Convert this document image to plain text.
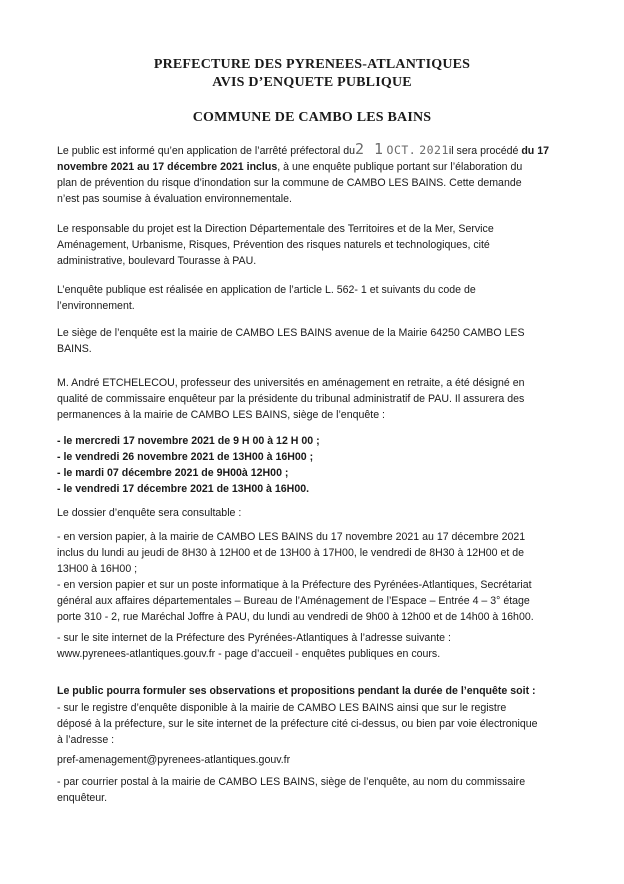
PREFECTURE DES PYRENEES-ATLANTIQUES
AVIS D’ENQUETE PUBLIQUE
COMMUNE DE CAMBO LES BAINS
Le public est informé qu’en application de l’arrêté préfectoral du2 1 OCT. 2021il sera procédé du 17
novembre 2021 au 17 décembre 2021 inclus, à une enquête publique portant sur l’élaboration du
plan de prévention du risque d’inondation sur la commune de CAMBO LES BAINS. Cette demande
n’est pas soumise à évaluation environnementale.
Le responsable du projet est la Direction Départementale des Territoires et de la Mer, Service
Aménagement, Urbanisme, Risques, Prévention des risques naturels et technologiques, cité
administrative, boulevard Tourasse à PAU.
L’enquête publique est réalisée en application de l’article L. 562- 1 et suivants du code de
l’environnement.
Le siège de l’enquête est la mairie de CAMBO LES BAINS avenue de la Mairie 64250 CAMBO LES
BAINS.
M. André ETCHELECOU, professeur des universités en aménagement en retraite, a été désigné en
qualité de commissaire enquêteur par la présidente du tribunal administratif de PAU. Il assurera des
permanences à la mairie de CAMBO LES BAINS, siège de l’enquête :
- le mercredi 17 novembre 2021 de 9 H 00 à 12 H 00 ;
- le vendredi 26 novembre 2021 de 13H00 à 16H00 ;
- le mardi 07 décembre 2021 de 9H00à 12H00 ;
- le vendredi 17 décembre 2021 de 13H00 à 16H00.
Le dossier d’enquête sera consultable :
- en version papier, à la mairie de CAMBO LES BAINS du 17 novembre 2021 au 17 décembre 2021
inclus du lundi au jeudi de 8H30 à 12H00 et de 13H00 à 17H00, le vendredi de 8H30 à 12H00 et de
13H00 à 16H00 ;
- en version papier et sur un poste informatique à la Préfecture des Pyrénées-Atlantiques, Secrétariat
général aux affaires départementales – Bureau de l’Aménagement de l’Espace – Entrée 4 – 3° étage
porte 310 - 2, rue Maréchal Joffre à PAU, du lundi au vendredi de 9h00 à 12h00 et de 14h00 à 16h00.
- sur le site internet de la Préfecture des Pyrénées-Atlantiques à l’adresse suivante :
www.pyrenees-atlantiques.gouv.fr - page d’accueil - enquêtes publiques en cours.
Le public pourra formuler ses observations et propositions pendant la durée de l’enquête soit :
- sur le registre d’enquête disponible à la mairie de CAMBO LES BAINS ainsi que sur le registre
déposé à la préfecture, sur le site internet de la préfecture cité ci-dessus, ou bien par voie électronique
à l’adresse :
pref-amenagement@pyrenees-atlantiques.gouv.fr
- par courrier postal à la mairie de CAMBO LES BAINS, siège de l’enquête, au nom du commissaire
enquêteur.
